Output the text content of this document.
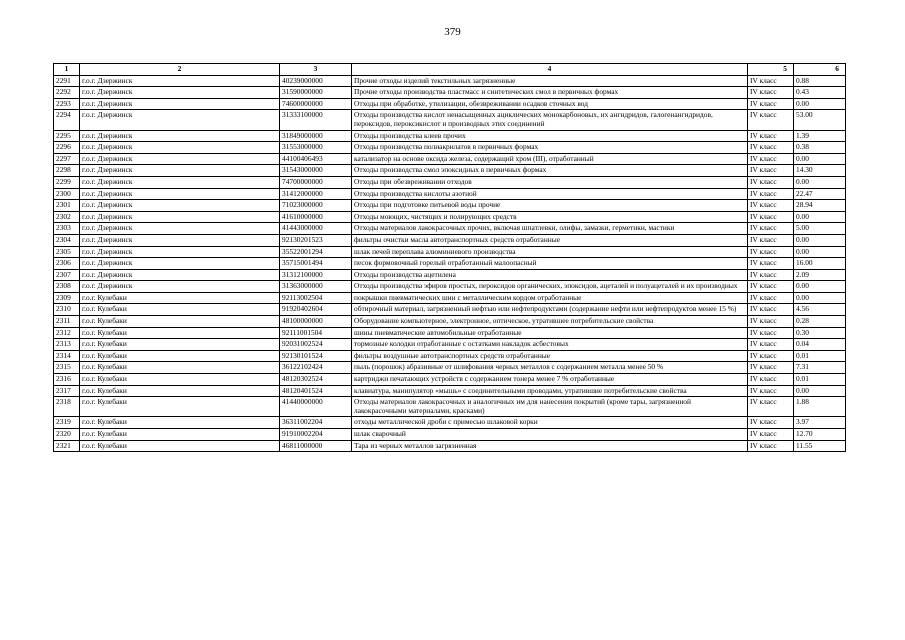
379
1	2	3	4	5	6
2291	г.о.г. Дзержинск	40239000000	Прочие отходы изделий текстильных загрязненные	IV класс	0.88
2292	г.о.г. Дзержинск	31590000000	Прочие отходы производства пластмасс и синтетических смол в первичных формах	IV класс	0.43
2293	г.о.г. Дзержинск	74600000000	Отходы при обработке, утилизации, обезвреживании осадков сточных вод	IV класс	0.00
2294	г.о.г. Дзержинск	31333100000	Отходы производства кислот ненасыщенных ациклических монокарбоновых, их ангидридов, галогенангидридов, пероксидов, пероксикислот и производных этих соединений	IV класс	53.00
2295	г.о.г. Дзержинск	31849000000	Отходы производства клеев прочих	IV класс	1.39
2296	г.о.г. Дзержинск	31553000000	Отходы производства полиакрилатов в первичных формах	IV класс	0.38
2297	г.о.г. Дзержинск	44100406493	катализатор на основе оксида железа, содержащий хром (III), отработанный	IV класс	0.00
2298	г.о.г. Дзержинск	31543000000	Отходы производства смол эпоксидных в первичных формах	IV класс	14.30
2299	г.о.г. Дзержинск	74700000000	Отходы при обезвреживании отходов	IV класс	0.00
2300	г.о.г. Дзержинск	31412000000	Отходы производства кислоты азотной	IV класс	22.47
2301	г.о.г. Дзержинск	71023000000	Отходы при подготовке питьевой воды прочие	IV класс	28.94
2302	г.о.г. Дзержинск	41610000000	Отходы моющих, чистящих и полирующих средств	IV класс	0.00
2303	г.о.г. Дзержинск	41443000000	Отходы материалов лакокрасочных прочих, включая шпатлевки, олифы, замазки, герметики, мастики	IV класс	5.00
2304	г.о.г. Дзержинск	92130201523	фильтры очистки масла автотранспортных средств отработанные	IV класс	0.00
2305	г.о.г. Дзержинск	35522001294	шлак печей переплава алюминиевого производства	IV класс	0.00
2306	г.о.г. Дзержинск	35715001494	песок формовочный горелый отработанный малоопасный	IV класс	16.00
2307	г.о.г. Дзержинск	31312100000	Отходы производства ацетилена	IV класс	2.09
2308	г.о.г. Дзержинск	31363000000	Отходы производства эфиров простых, пероксидов органических, эпоксидов, ацеталей и полуацеталей и их производных	IV класс	0.00
2309	г.о.г. Кулебаки	92113002504	покрышки пневматических шин с металлическим кордом отработанные	IV класс	0.00
2310	г.о.г. Кулебаки	91920402604	обтирочный материал, загрязненный нефтью или нефтепродуктами (содержание нефти или нефтепродуктов менее 15 %)	IV класс	4.56
2311	г.о.г. Кулебаки	48100000000	Оборудование компьютерное, электронное, оптическое, утратившее потребительские свойства	IV класс	0.28
2312	г.о.г. Кулебаки	92111001504	шины пневматические автомобильные отработанные	IV класс	0.30
2313	г.о.г. Кулебаки	92031002524	тормозные колодки отработанные с остатками накладок асбестовых	IV класс	0.04
2314	г.о.г. Кулебаки	92130101524	фильтры воздушные автотранспортных средств отработанные	IV класс	0.01
2315	г.о.г. Кулебаки	36122102424	пыль (порошок) абразивные от шлифования черных металлов с содержанием металла менее 50 %	IV класс	7.31
2316	г.о.г. Кулебаки	48120302524	картриджи печатающих устройств с содержанием тонера менее 7 % отработанные	IV класс	0.01
2317	г.о.г. Кулебаки	48120401524	клавиатура, манипулятор «мышь» с соединительными проводами, утратившие потребительские свойства	IV класс	0.00
2318	г.о.г. Кулебаки	41440000000	Отходы материалов лакокрасочных и аналогичных им для нанесения покрытий (кроме тары, загрязненной лакокрасочными материалами, красками)	IV класс	1.88
2319	г.о.г. Кулебаки	36311002204	отходы металлической дроби с примесью шлаковой корки	IV класс	3.97
2320	г.о.г. Кулебаки	91910002204	шлак сварочный	IV класс	12.70
2321	г.о.г. Кулебаки	46811000000	Тара из черных металлов загрязненная	IV класс	11.55
